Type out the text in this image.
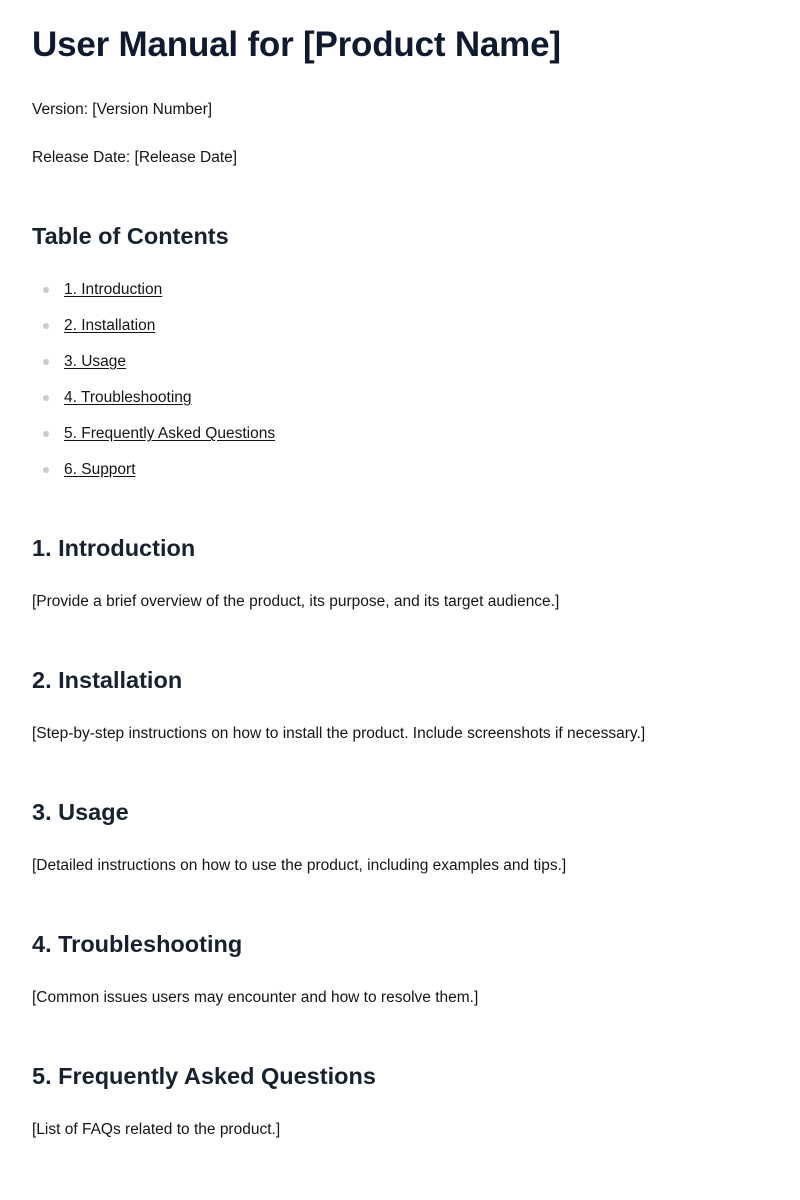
User Manual for [Product Name]
Version: [Version Number]
Release Date: [Release Date]
Table of Contents
1. Introduction
2. Installation
3. Usage
4. Troubleshooting
5. Frequently Asked Questions
6. Support
1. Introduction
[Provide a brief overview of the product, its purpose, and its target audience.]
2. Installation
[Step-by-step instructions on how to install the product. Include screenshots if necessary.]
3. Usage
[Detailed instructions on how to use the product, including examples and tips.]
4. Troubleshooting
[Common issues users may encounter and how to resolve them.]
5. Frequently Asked Questions
[List of FAQs related to the product.]
